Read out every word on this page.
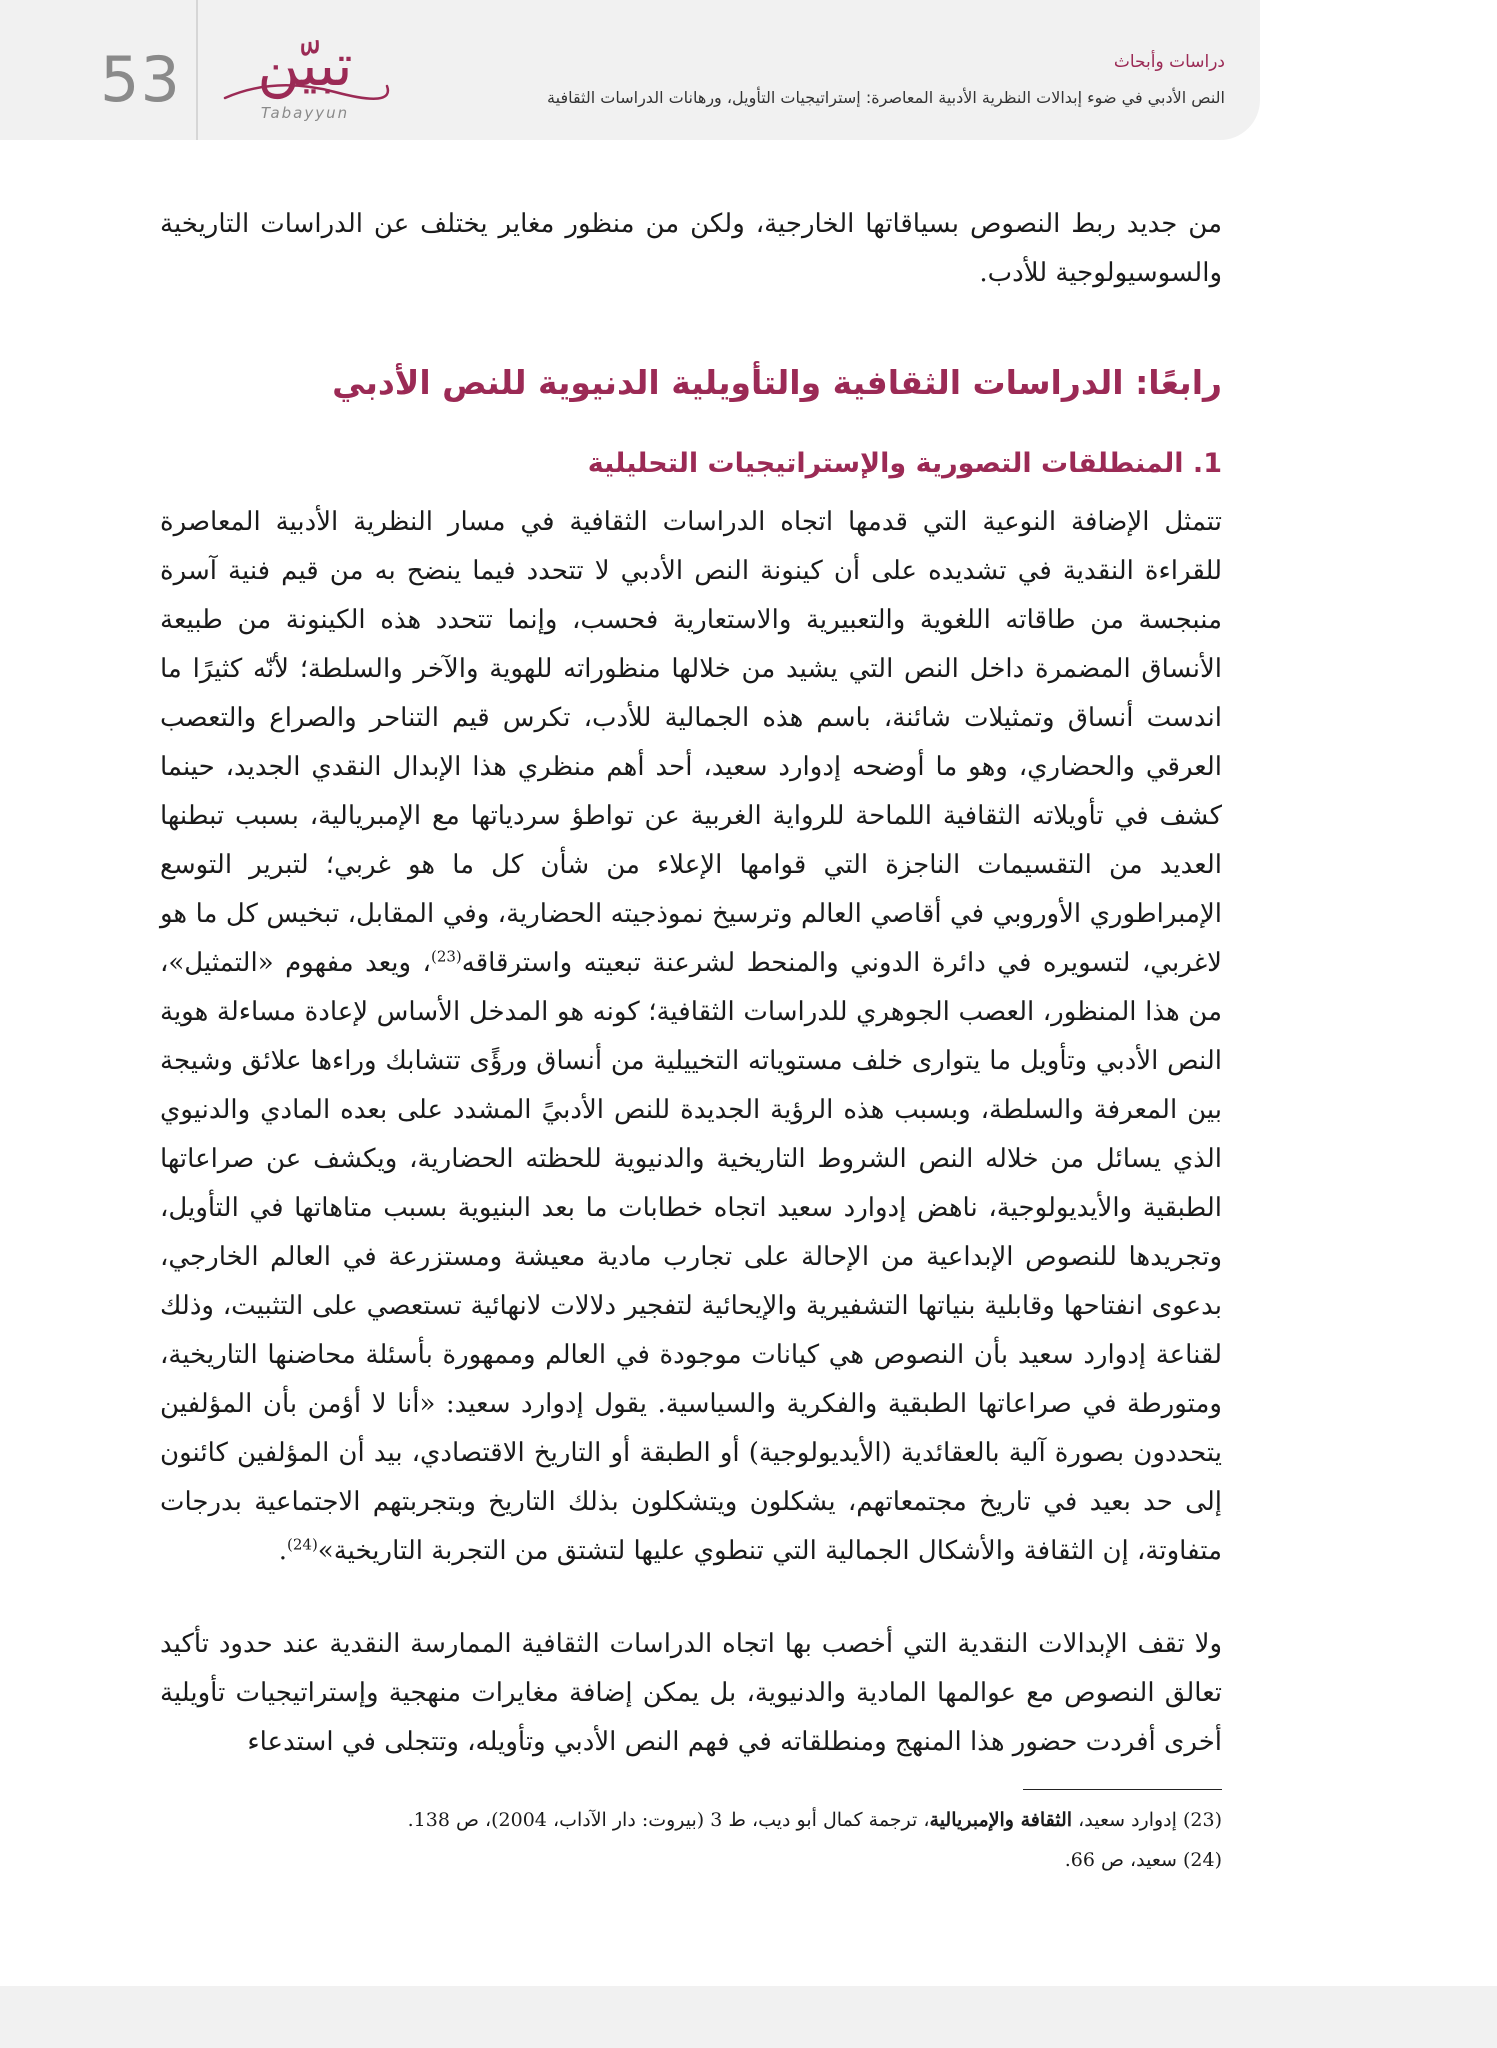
53	تبيّن
Tabayyun
دراسات وأبحاث
النص الأدبي في ضوء إبدالات النظرية الأدبية المعاصرة: إستراتيجيات التأويل، ورهانات الدراسات الثقافية

من جديد ربط النصوص بسياقاتها الخارجية، ولكن من منظور مغاير يختلف عن الدراسات التاريخية والسوسيولوجية للأدب.

رابعًا: الدراسات الثقافية والتأويلية الدنيوية للنص الأدبي
1. المنطلقات التصورية والإستراتيجيات التحليلية

تتمثل الإضافة النوعية التي قدمها اتجاه الدراسات الثقافية في مسار النظرية الأدبية المعاصرة للقراءة النقدية في تشديده على أن كينونة النص الأدبي لا تتحدد فيما ينضح به من قيم فنية آسرة منبجسة من طاقاته اللغوية والتعبيرية والاستعارية فحسب، وإنما تتحدد هذه الكينونة من طبيعة الأنساق المضمرة داخل النص التي يشيد من خلالها منظوراته للهوية والآخر والسلطة؛ لأنّه كثيرًا ما اندست أنساق وتمثيلات شائنة، باسم هذه الجمالية للأدب، تكرس قيم التناحر والصراع والتعصب العرقي والحضاري، وهو ما أوضحه إدوارد سعيد، أحد أهم منظري هذا الإبدال النقدي الجديد، حينما كشف في تأويلاته الثقافية اللماحة للرواية الغربية عن تواطؤ سردياتها مع الإمبريالية، بسبب تبطنها العديد من التقسيمات الناجزة التي قوامها الإعلاء من شأن كل ما هو غربي؛ لتبرير التوسع الإمبراطوري الأوروبي في أقاصي العالم وترسيخ نموذجيته الحضارية، وفي المقابل، تبخيس كل ما هو لاغربي، لتسويره في دائرة الدوني والمنحط لشرعنة تبعيته واسترقاقه$^{(23)}$، ويعد مفهوم «التمثيل»، من هذا المنظور، العصب الجوهري للدراسات الثقافية؛ كونه هو المدخل الأساس لإعادة مساءلة هوية النص الأدبي وتأويل ما يتوارى خلف مستوياته التخييلية من أنساق ورؤًى تتشابك وراءها علائق وشيجة بين المعرفة والسلطة، وبسبب هذه الرؤية الجديدة للنص الأدبيً المشدد على بعده المادي والدنيوي الذي يسائل من خلاله النص الشروط التاريخية والدنيوية للحظته الحضارية، ويكشف عن صراعاتها الطبقية والأيديولوجية، ناهض إدوارد سعيد اتجاه خطابات ما بعد البنيوية بسبب متاهاتها في التأويل، وتجريدها للنصوص الإبداعية من الإحالة على تجارب مادية معيشة ومستزرعة في العالم الخارجي، بدعوى انفتاحها وقابلية بنياتها التشفيرية والإيحائية لتفجير دلالات لانهائية تستعصي على التثبيت، وذلك لقناعة إدوارد سعيد بأن النصوص هي كيانات موجودة في العالم وممهورة بأسئلة محاضنها التاريخية، ومتورطة في صراعاتها الطبقية والفكرية والسياسية. يقول إدوارد سعيد: «أنا لا أؤمن بأن المؤلفين يتحددون بصورة آلية بالعقائدية (الأيديولوجية) أو الطبقة أو التاريخ الاقتصادي، بيد أن المؤلفين كائنون إلى حد بعيد في تاريخ مجتمعاتهم، يشكلون ويتشكلون بذلك التاريخ وبتجربتهم الاجتماعية بدرجات متفاوتة، إن الثقافة والأشكال الجمالية التي تنطوي عليها لتشتق من التجربة التاريخية»$^{(24)}$.

ولا تقف الإبدالات النقدية التي أخصب بها اتجاه الدراسات الثقافية الممارسة النقدية عند حدود تأكيد تعالق النصوص مع عوالمها المادية والدنيوية، بل يمكن إضافة مغايرات منهجية وإستراتيجيات تأويلية أخرى أفردت حضور هذا المنهج ومنطلقاته في فهم النص الأدبي وتأويله، وتتجلى في استدعاء

(23) إدوارد سعيد، الثقافة والإمبريالية، ترجمة كمال أبو ديب، ط 3 (بيروت: دار الآداب، 2004)، ص 138.

(24) سعيد، ص 66.
